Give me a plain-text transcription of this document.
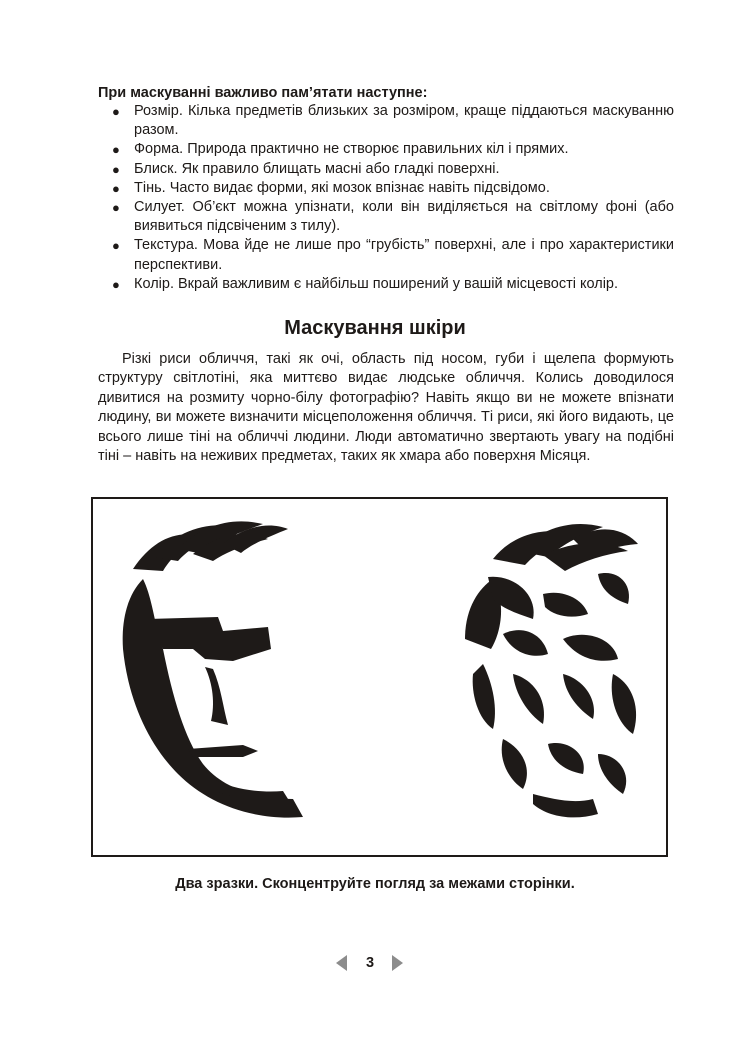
При маскуванні важливо пам’ятати наступне:
● Розмір. Кілька предметів близьких за розміром, краще піддаються маскуванню разом.
● Форма. Природа практично не створює правильних кіл і прямих.
● Блиск. Як правило блищать масні або гладкі поверхні.
● Тінь. Часто видає форми, які мозок впізнає навіть підсвідомо.
● Силует. Об’єкт можна упізнати, коли він виділяється на світлому фоні (або виявиться підсвіченим з тилу).
● Текстура. Мова йде не лише про “грубість” поверхні, але і про характеристики перспективи.
● Колір. Вкрай важливим є найбільш поширений у вашій місцевості колір.
Маскування шкіри

Різкі риси обличчя, такі як очі, область під носом, губи і щелепа формують структуру світлотіні, яка миттєво видає людське обличчя. Колись доводилося дивитися на розмиту чорно-білу фотографію? Навіть якщо ви не можете впізнати людину, ви можете визначити місцеположення обличчя. Ті риси, які його видають, це всього лише тіні на обличчі людини. Люди автоматично звертають увагу на подібні тіні – навіть на неживих предметах, таких як хмара або поверхня Місяця.

Два зразки. Сконцентруйте погляд за межами сторінки.
3
